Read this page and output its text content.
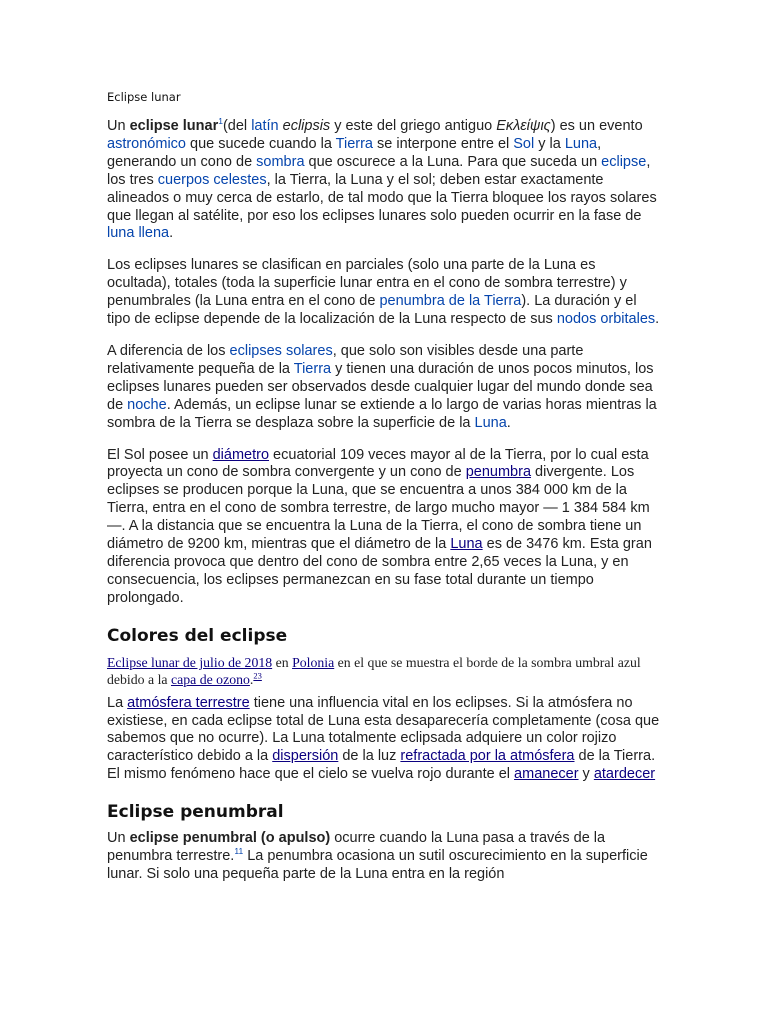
Eclipse lunar

Un eclipse lunar$^1$(del latín eclipsis y este del griego antiguo Εκλείψις) es un evento astronómico que sucede cuando la Tierra se interpone entre el Sol y la Luna, generando un cono de sombra que oscurece a la Luna. Para que suceda un eclipse, los tres cuerpos celestes, la Tierra, la Luna y el sol; deben estar exactamente alineados o muy cerca de estarlo, de tal modo que la Tierra bloquee los rayos solares que llegan al satélite, por eso los eclipses lunares solo pueden ocurrir en la fase de luna llena.

Los eclipses lunares se clasifican en parciales (solo una parte de la Luna es ocultada), totales (toda la superficie lunar entra en el cono de sombra terrestre) y penumbrales (la Luna entra en el cono de penumbra de la Tierra). La duración y el tipo de eclipse depende de la localización de la Luna respecto de sus nodos orbitales.

A diferencia de los eclipses solares, que solo son visibles desde una parte relativamente pequeña de la Tierra y tienen una duración de unos pocos minutos, los eclipses lunares pueden ser observados desde cualquier lugar del mundo donde sea de noche. Además, un eclipse lunar se extiende a lo largo de varias horas mientras la sombra de la Tierra se desplaza sobre la superficie de la Luna.

El Sol posee un diámetro ecuatorial 109 veces mayor al de la Tierra, por lo cual esta proyecta un cono de sombra convergente y un cono de penumbra divergente. Los eclipses se producen porque la Luna, que se encuentra a unos 384 000 km de la Tierra, entra en el cono de sombra terrestre, de largo mucho mayor — 1 384 584 km—. A la distancia que se encuentra la Luna de la Tierra, el cono de sombra tiene un diámetro de 9200 km, mientras que el diámetro de la Luna es de 3476 km. Esta gran diferencia provoca que dentro del cono de sombra entre 2,65 veces la Luna, y en consecuencia, los eclipses permanezcan en su fase total durante un tiempo prolongado.

Colores del eclipse
Eclipse lunar de julio de 2018 en Polonia en el que se muestra el borde de la sombra umbral azul debido a la capa de ozono.$^{23}$

La atmósfera terrestre tiene una influencia vital en los eclipses. Si la atmósfera no existiese, en cada eclipse total de Luna esta desaparecería completamente (cosa que sabemos que no ocurre). La Luna totalmente eclipsada adquiere un color rojizo característico debido a la dispersión de la luz refractada por la atmósfera de la Tierra. El mismo fenómeno hace que el cielo se vuelva rojo durante el amanecer y atardecer

Eclipse penumbral

Un eclipse penumbral (o apulso) ocurre cuando la Luna pasa a través de la penumbra terrestre.$^{11}$ La penumbra ocasiona un sutil oscurecimiento en la superficie lunar. Si solo una pequeña parte de la Luna entra en la región
